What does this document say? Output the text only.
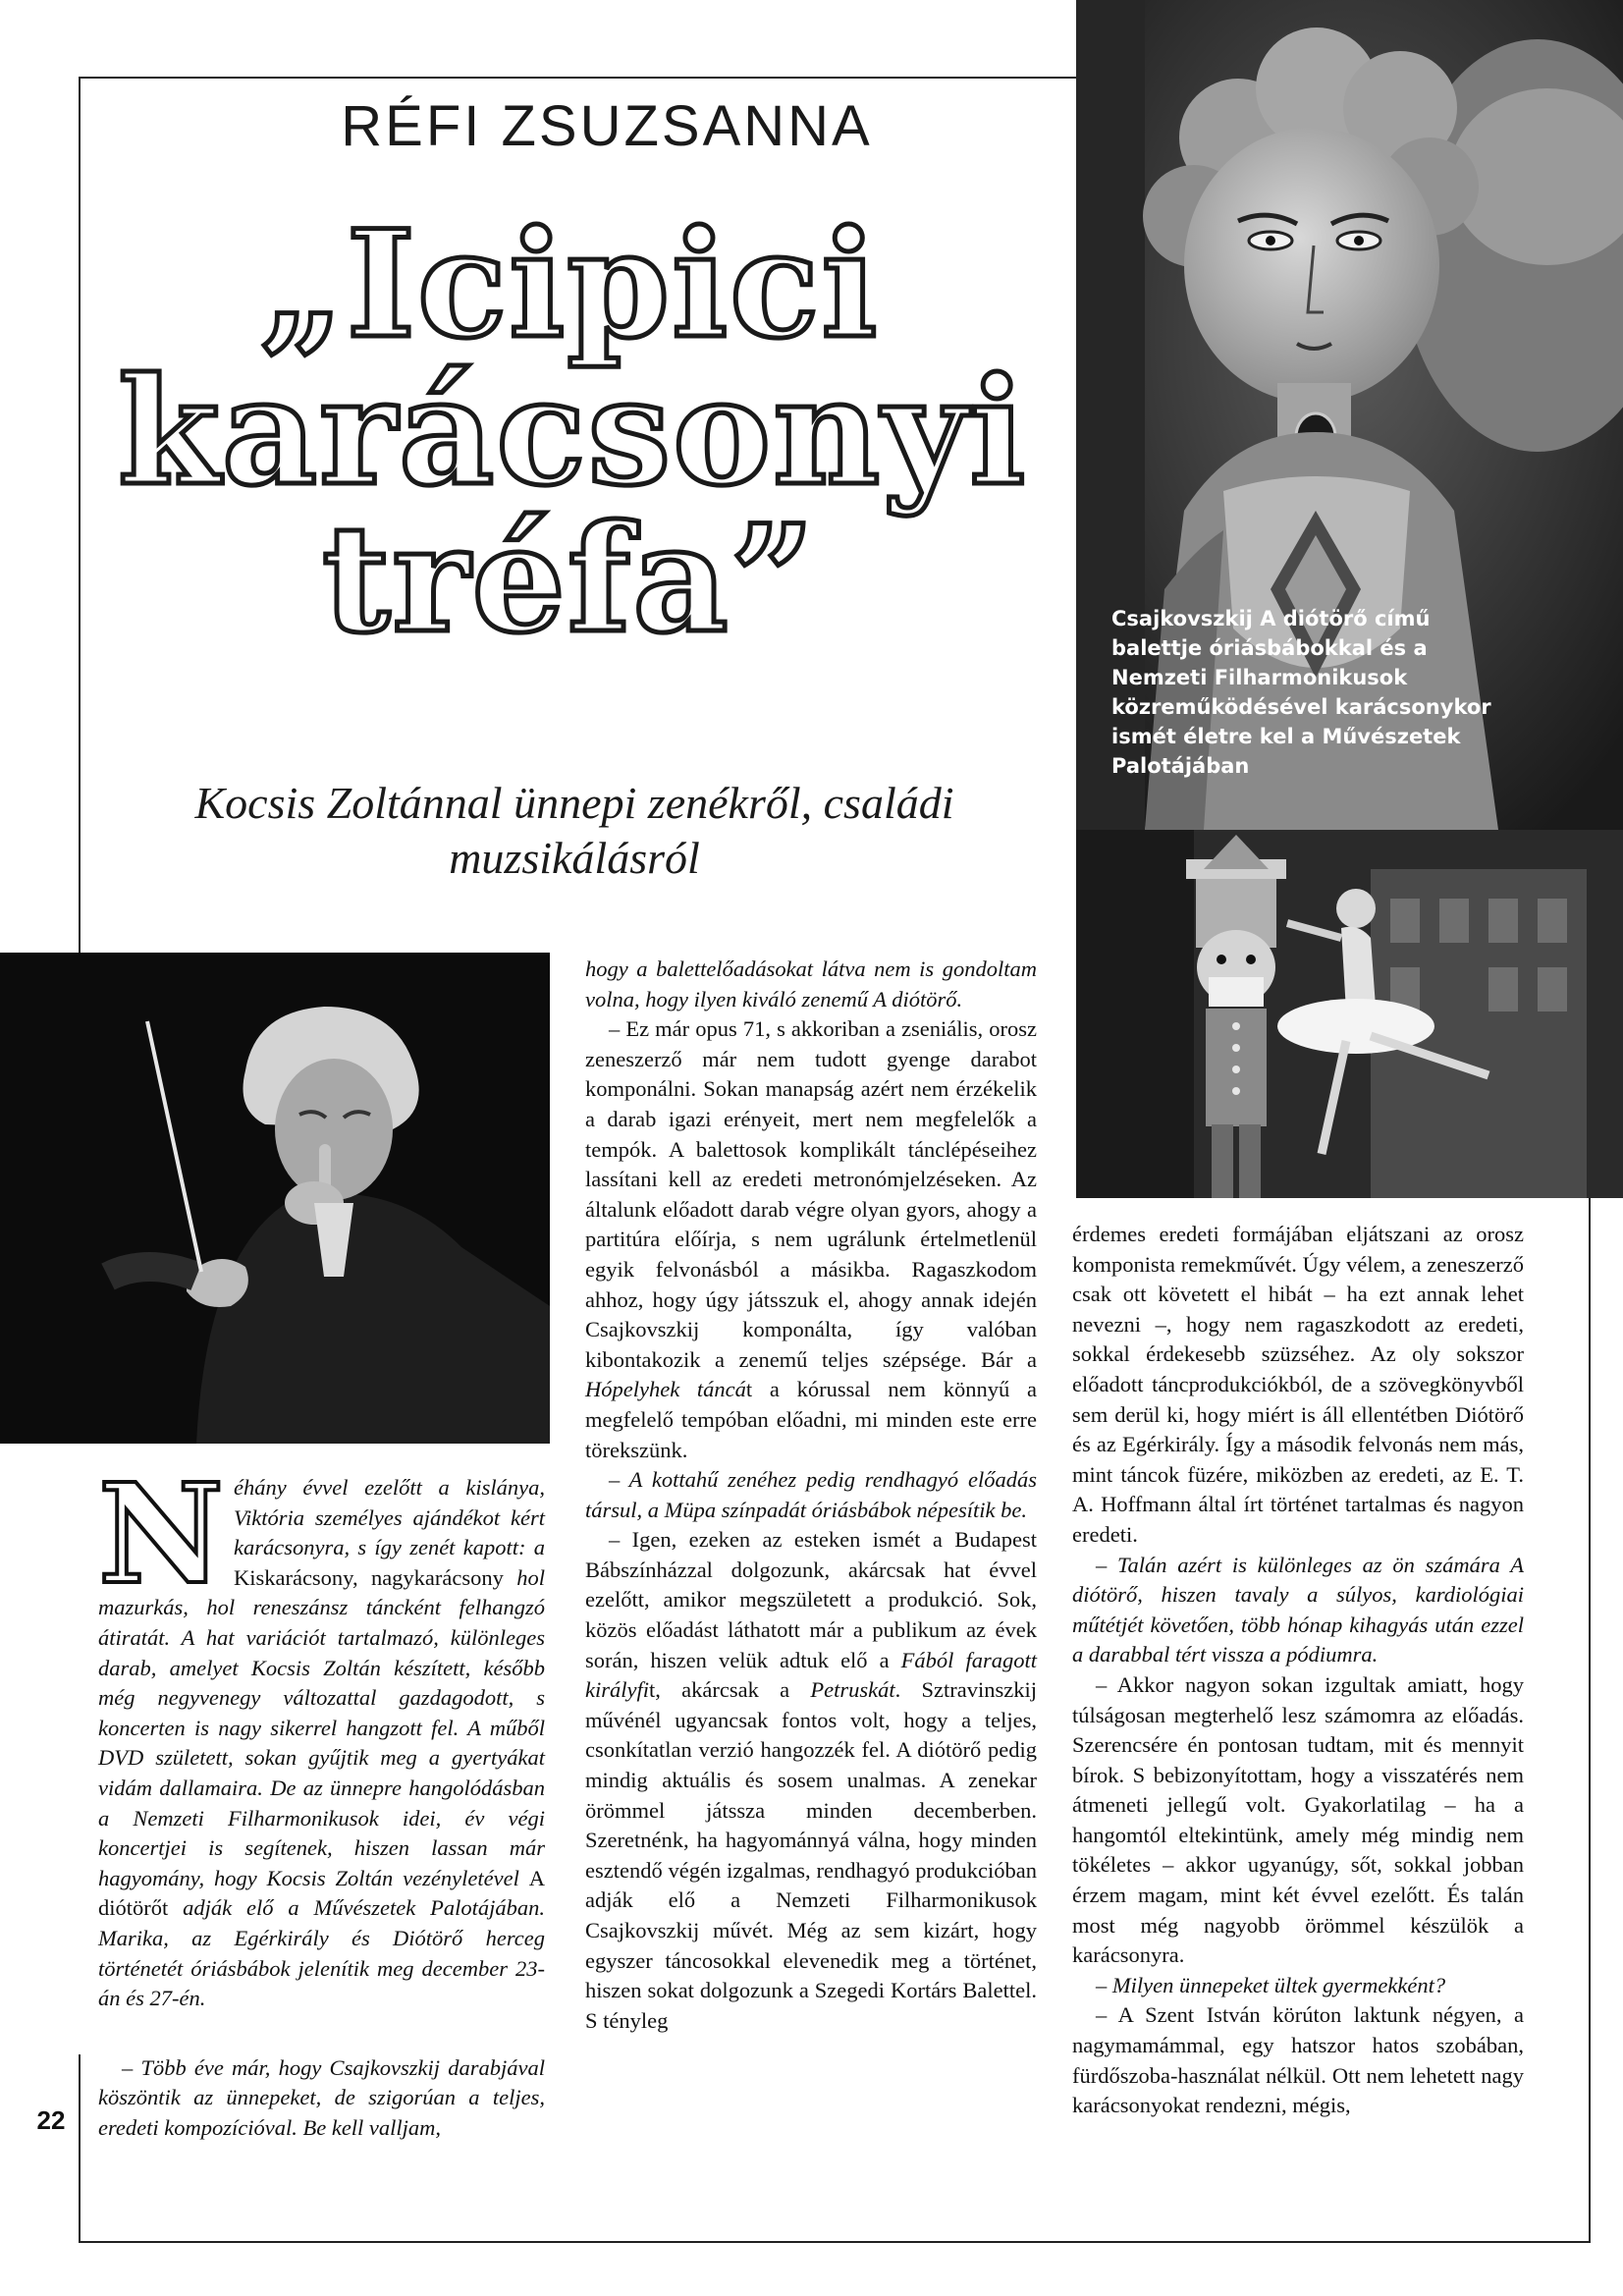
RÉFI ZSUZSANNA
„Icipici
karácsonyi
tréfa”
Kocsis Zoltánnal ünnepi zenékről, családi muzsikálásról
Csajkovszkij A diótörő című balettje óriásbábokkal és a Nemzeti Filharmonikusok közreműködésével karácsonykor ismét életre kel a Művészetek Palotájában

Néhány évvel ezelőtt a kislánya, Viktória személyes ajándékot kért karácsonyra, s így zenét kapott: a Kiskarácsony, nagykarácsony hol mazurkás, hol reneszánsz táncként felhangzó átiratát. A hat variációt tartalmazó, különleges darab, amelyet Kocsis Zoltán készített, később még negyvenegy változattal gazdagodott, s koncerten is nagy sikerrel hangzott fel. A műből DVD született, sokan gyűjtik meg a gyertyákat vidám dallamaira. De az ünnepre hangolódásban a Nemzeti Filharmonikusok idei, év végi koncertjei is segítenek, hiszen lassan már hagyomány, hogy Kocsis Zoltán vezényletével A diótörőt adják elő a Művészetek Palotájában. Marika, az Egérkirály és Diótörő herceg történetét óriásbábok jelenítik meg december 23-án és 27-én.

– Több éve már, hogy Csajkovszkij darabjával köszöntik az ünnepeket, de szigorúan a teljes, eredeti kompozícióval. Be kell valljam,

hogy a balettelőadásokat látva nem is gondoltam volna, hogy ilyen kiváló zenemű A diótörő.

– Ez már opus 71, s akkoriban a zseniális, orosz zeneszerző már nem tudott gyenge darabot komponálni. Sokan manapság azért nem érzékelik a darab igazi erényeit, mert nem megfelelők a tempók. A balettosok komplikált tánclépéseihez lassítani kell az eredeti metronómjelzéseken. Az általunk előadott darab végre olyan gyors, ahogy a partitúra előírja, s nem ugrálunk értelmetlenül egyik felvonásból a másikba. Ragaszkodom ahhoz, hogy úgy játsszuk el, ahogy annak idején Csajkovszkij komponálta, így valóban kibontakozik a zenemű teljes szépsége. Bár a Hópelyhek táncát a kórussal nem könnyű a megfelelő tempóban előadni, mi minden este erre törekszünk.

– A kottahű zenéhez pedig rendhagyó előadás társul, a Müpa színpadát óriásbábok népesítik be.

– Igen, ezeken az esteken ismét a Budapest Bábszínházzal dolgozunk, akárcsak hat évvel ezelőtt, amikor megszületett a produkció. Sok, közös előadást láthatott már a publikum az évek során, hiszen velük adtuk elő a Fából faragott királyfit, akárcsak a Petruskát. Sztravinszkij művénél ugyancsak fontos volt, hogy a teljes, csonkítatlan verzió hangozzék fel. A diótörő pedig mindig aktuális és sosem unalmas. A zenekar örömmel játssza minden decemberben. Szeretnénk, ha hagyománnyá válna, hogy minden esztendő végén izgalmas, rendhagyó produkcióban adják elő a Nemzeti Filharmonikusok Csajkovszkij művét. Még az sem kizárt, hogy egyszer táncosokkal elevenedik meg a történet, hiszen sokat dolgozunk a Szegedi Kortárs Balettel. S tényleg

érdemes eredeti formájában eljátszani az orosz komponista remekművét. Úgy vélem, a zeneszerző csak ott követett el hibát – ha ezt annak lehet nevezni –, hogy nem ragaszkodott az eredeti, sokkal érdekesebb szüzséhez. Az oly sokszor előadott táncprodukciókból, de a szövegkönyvből sem derül ki, hogy miért is áll ellentétben Diótörő és az Egérkirály. Így a második felvonás nem más, mint táncok füzére, miközben az eredeti, az E. T. A. Hoffmann által írt történet tartalmas és nagyon eredeti.

– Talán azért is különleges az ön számára A diótörő, hiszen tavaly a súlyos, kardiológiai műtétjét követően, több hónap kihagyás után ezzel a darabbal tért vissza a pódiumra.

– Akkor nagyon sokan izgultak amiatt, hogy túlságosan megterhelő lesz számomra az előadás. Szerencsére én pontosan tudtam, mit és mennyit bírok. S bebizonyítottam, hogy a visszatérés nem átmeneti jellegű volt. Gyakorlatilag – ha a hangomtól eltekintünk, amely még mindig nem tökéletes – akkor ugyanúgy, sőt, sokkal jobban érzem magam, mint két évvel ezelőtt. És talán most még nagyobb örömmel készülök a karácsonyra.

– Milyen ünnepeket ültek gyermekként?

– A Szent István körúton laktunk négyen, a nagymamámmal, egy hatszor hatos szobában, fürdőszoba-használat nélkül. Ott nem lehetett nagy karácsonyokat rendezni, mégis,

22
